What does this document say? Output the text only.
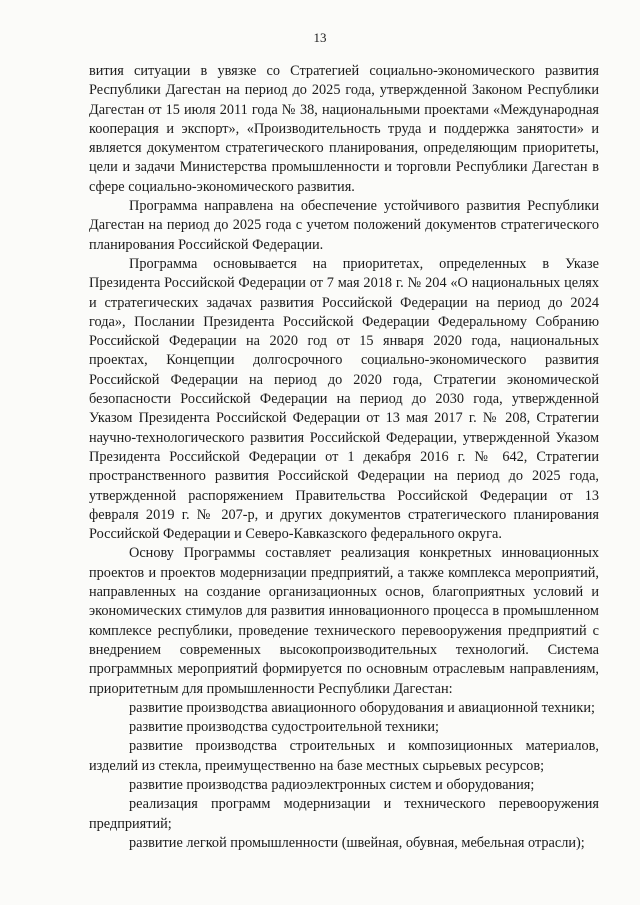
13

вития ситуации в увязке со Стратегией социально-экономического развития Республики Дагестан на период до 2025 года, утвержденной Законом Республики Дагестан от 15 июля 2011 года № 38, национальными проектами «Международная кооперация и экспорт», «Производительность труда и поддержка занятости» и является документом стратегического планирования, определяющим приоритеты, цели и задачи Министерства промышленности и торговли Республики Дагестан в сфере социально-экономического развития.

Программа направлена на обеспечение устойчивого развития Республики Дагестан на период до 2025 года с учетом положений документов стратегического планирования Российской Федерации.

Программа основывается на приоритетах, определенных в Указе Президента Российской Федерации от 7 мая 2018 г. № 204 «О национальных целях и стратегических задачах развития Российской Федерации на период до 2024 года», Послании Президента Российской Федерации Федеральному Собранию Российской Федерации на 2020 год от 15 января 2020 года, национальных проектах, Концепции долгосрочного социально-экономического развития Российской Федерации на период до 2020 года, Стратегии экономической безопасности Российской Федерации на период до 2030 года, утвержденной Указом Президента Российской Федерации от 13 мая 2017 г. № 208, Стратегии научно-технологического развития Российской Федерации, утвержденной Указом Президента Российской Федерации от 1 декабря 2016 г. № 642, Стратегии пространственного развития Российской Федерации на период до 2025 года, утвержденной распоряжением Правительства Российской Федерации от 13 февраля 2019 г. № 207-р, и других документов стратегического планирования Российской Федерации и Северо-Кавказского федерального округа.

Основу Программы составляет реализация конкретных инновационных проектов и проектов модернизации предприятий, а также комплекса мероприятий, направленных на создание организационных основ, благоприятных условий и экономических стимулов для развития инновационного процесса в промышленном комплексе республики, проведение технического перевооружения предприятий с внедрением современных высокопроизводительных технологий. Система программных мероприятий формируется по основным отраслевым направлениям, приоритетным для промышленности Республики Дагестан:

развитие производства авиационного оборудования и авиационной техники;

развитие производства судостроительной техники;

развитие производства строительных и композиционных материалов, изделий из стекла, преимущественно на базе местных сырьевых ресурсов;

развитие производства радиоэлектронных систем и оборудования;

реализация программ модернизации и технического перевооружения предприятий;

развитие легкой промышленности (швейная, обувная, мебельная отрасли);
